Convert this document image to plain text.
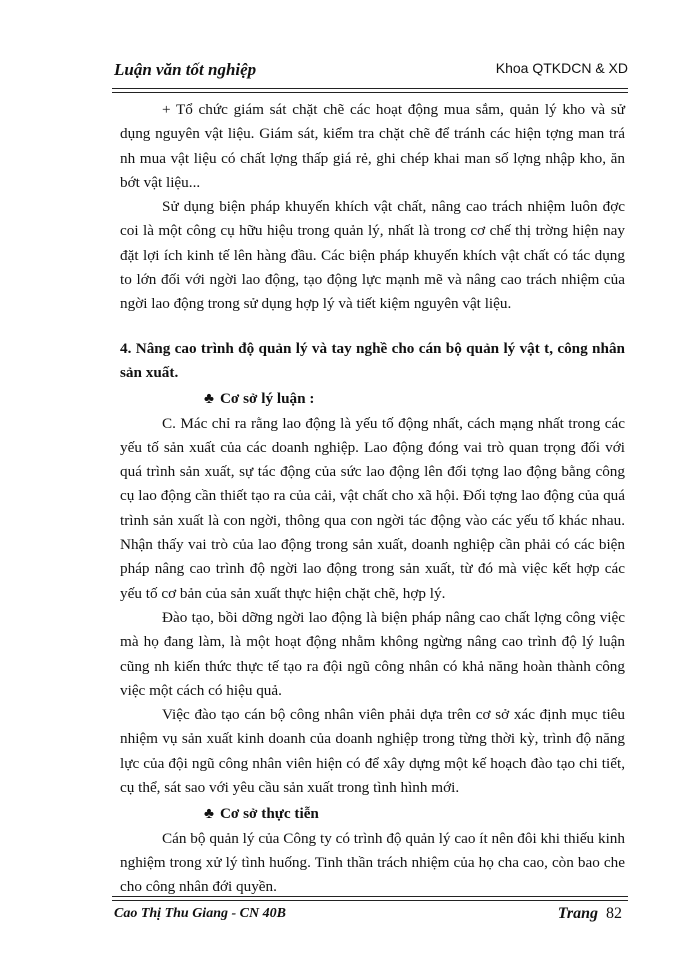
Luận văn tốt nghiệp	Khoa QTKDCN & XD

+ Tổ chức giám sát chặt chẽ các hoạt động mua sắm, quản lý kho và sử dụng nguyên vật liệu. Giám sát, kiểm tra chặt chẽ để tránh các hiện tợng man trá nh mua vật liệu có chất lợng thấp giá rẻ, ghi chép khai man số lợng nhập kho, ăn bớt vật liệu...

Sử dụng biện pháp khuyến khích vật chất, nâng cao trách nhiệm luôn đợc coi là một công cụ hữu hiệu trong quản lý, nhất là trong cơ chế thị trờng hiện nay đặt lợi ích kinh tế lên hàng đầu. Các biện pháp khuyến khích vật chất có tác dụng to lớn đối với ngời lao động, tạo động lực mạnh mẽ và nâng cao trách nhiệm của ngời lao động trong sử dụng hợp lý và tiết kiệm nguyên vật liệu.

4. Nâng cao trình độ quản lý và tay nghề cho cán bộ quản lý vật t, công nhân sản xuất.

♣ Cơ sở lý luận :

C. Mác chỉ ra rằng lao động là yếu tố động nhất, cách mạng nhất trong các yếu tố sản xuất của các doanh nghiệp. Lao động đóng vai trò quan trọng đối với quá trình sản xuất, sự tác động của sức lao động lên đối tợng lao động bằng công cụ lao động cần thiết tạo ra của cải, vật chất cho xã hội. Đối tợng lao động của quá trình sản xuất là con ngời, thông qua con ngời tác động vào các yếu tố khác nhau. Nhận thấy vai trò của lao động trong sản xuất, doanh nghiệp cần phải có các biện pháp nâng cao trình độ ngời lao động trong sản xuất, từ đó mà việc kết hợp các yếu tố cơ bản của sản xuất thực hiện chặt chẽ, hợp lý.

Đào tạo, bồi dỡng ngời lao động là biện pháp nâng cao chất lợng công việc mà họ đang làm, là một hoạt động nhằm không ngừng nâng cao trình độ lý luận cũng nh kiến thức thực tế tạo ra đội ngũ công nhân có khả năng hoàn thành công việc một cách có hiệu quả.

Việc đào tạo cán bộ công nhân viên phải dựa trên cơ sở xác định mục tiêu nhiệm vụ sản xuất kinh doanh của doanh nghiệp trong từng thời kỳ, trình độ năng lực của đội ngũ công nhân viên hiện có để xây dựng một kế hoạch đào tạo chi tiết, cụ thể, sát sao với yêu cầu sản xuất trong tình hình mới.

♣ Cơ sở thực tiễn

Cán bộ quản lý của Công ty có trình độ quản lý cao ít nên đôi khi thiếu kinh nghiệm trong xử lý tình huống. Tinh thần trách nhiệm của họ cha cao, còn bao che cho công nhân đới quyền.

Cao Thị Thu Giang - CN 40B	Trang 82
